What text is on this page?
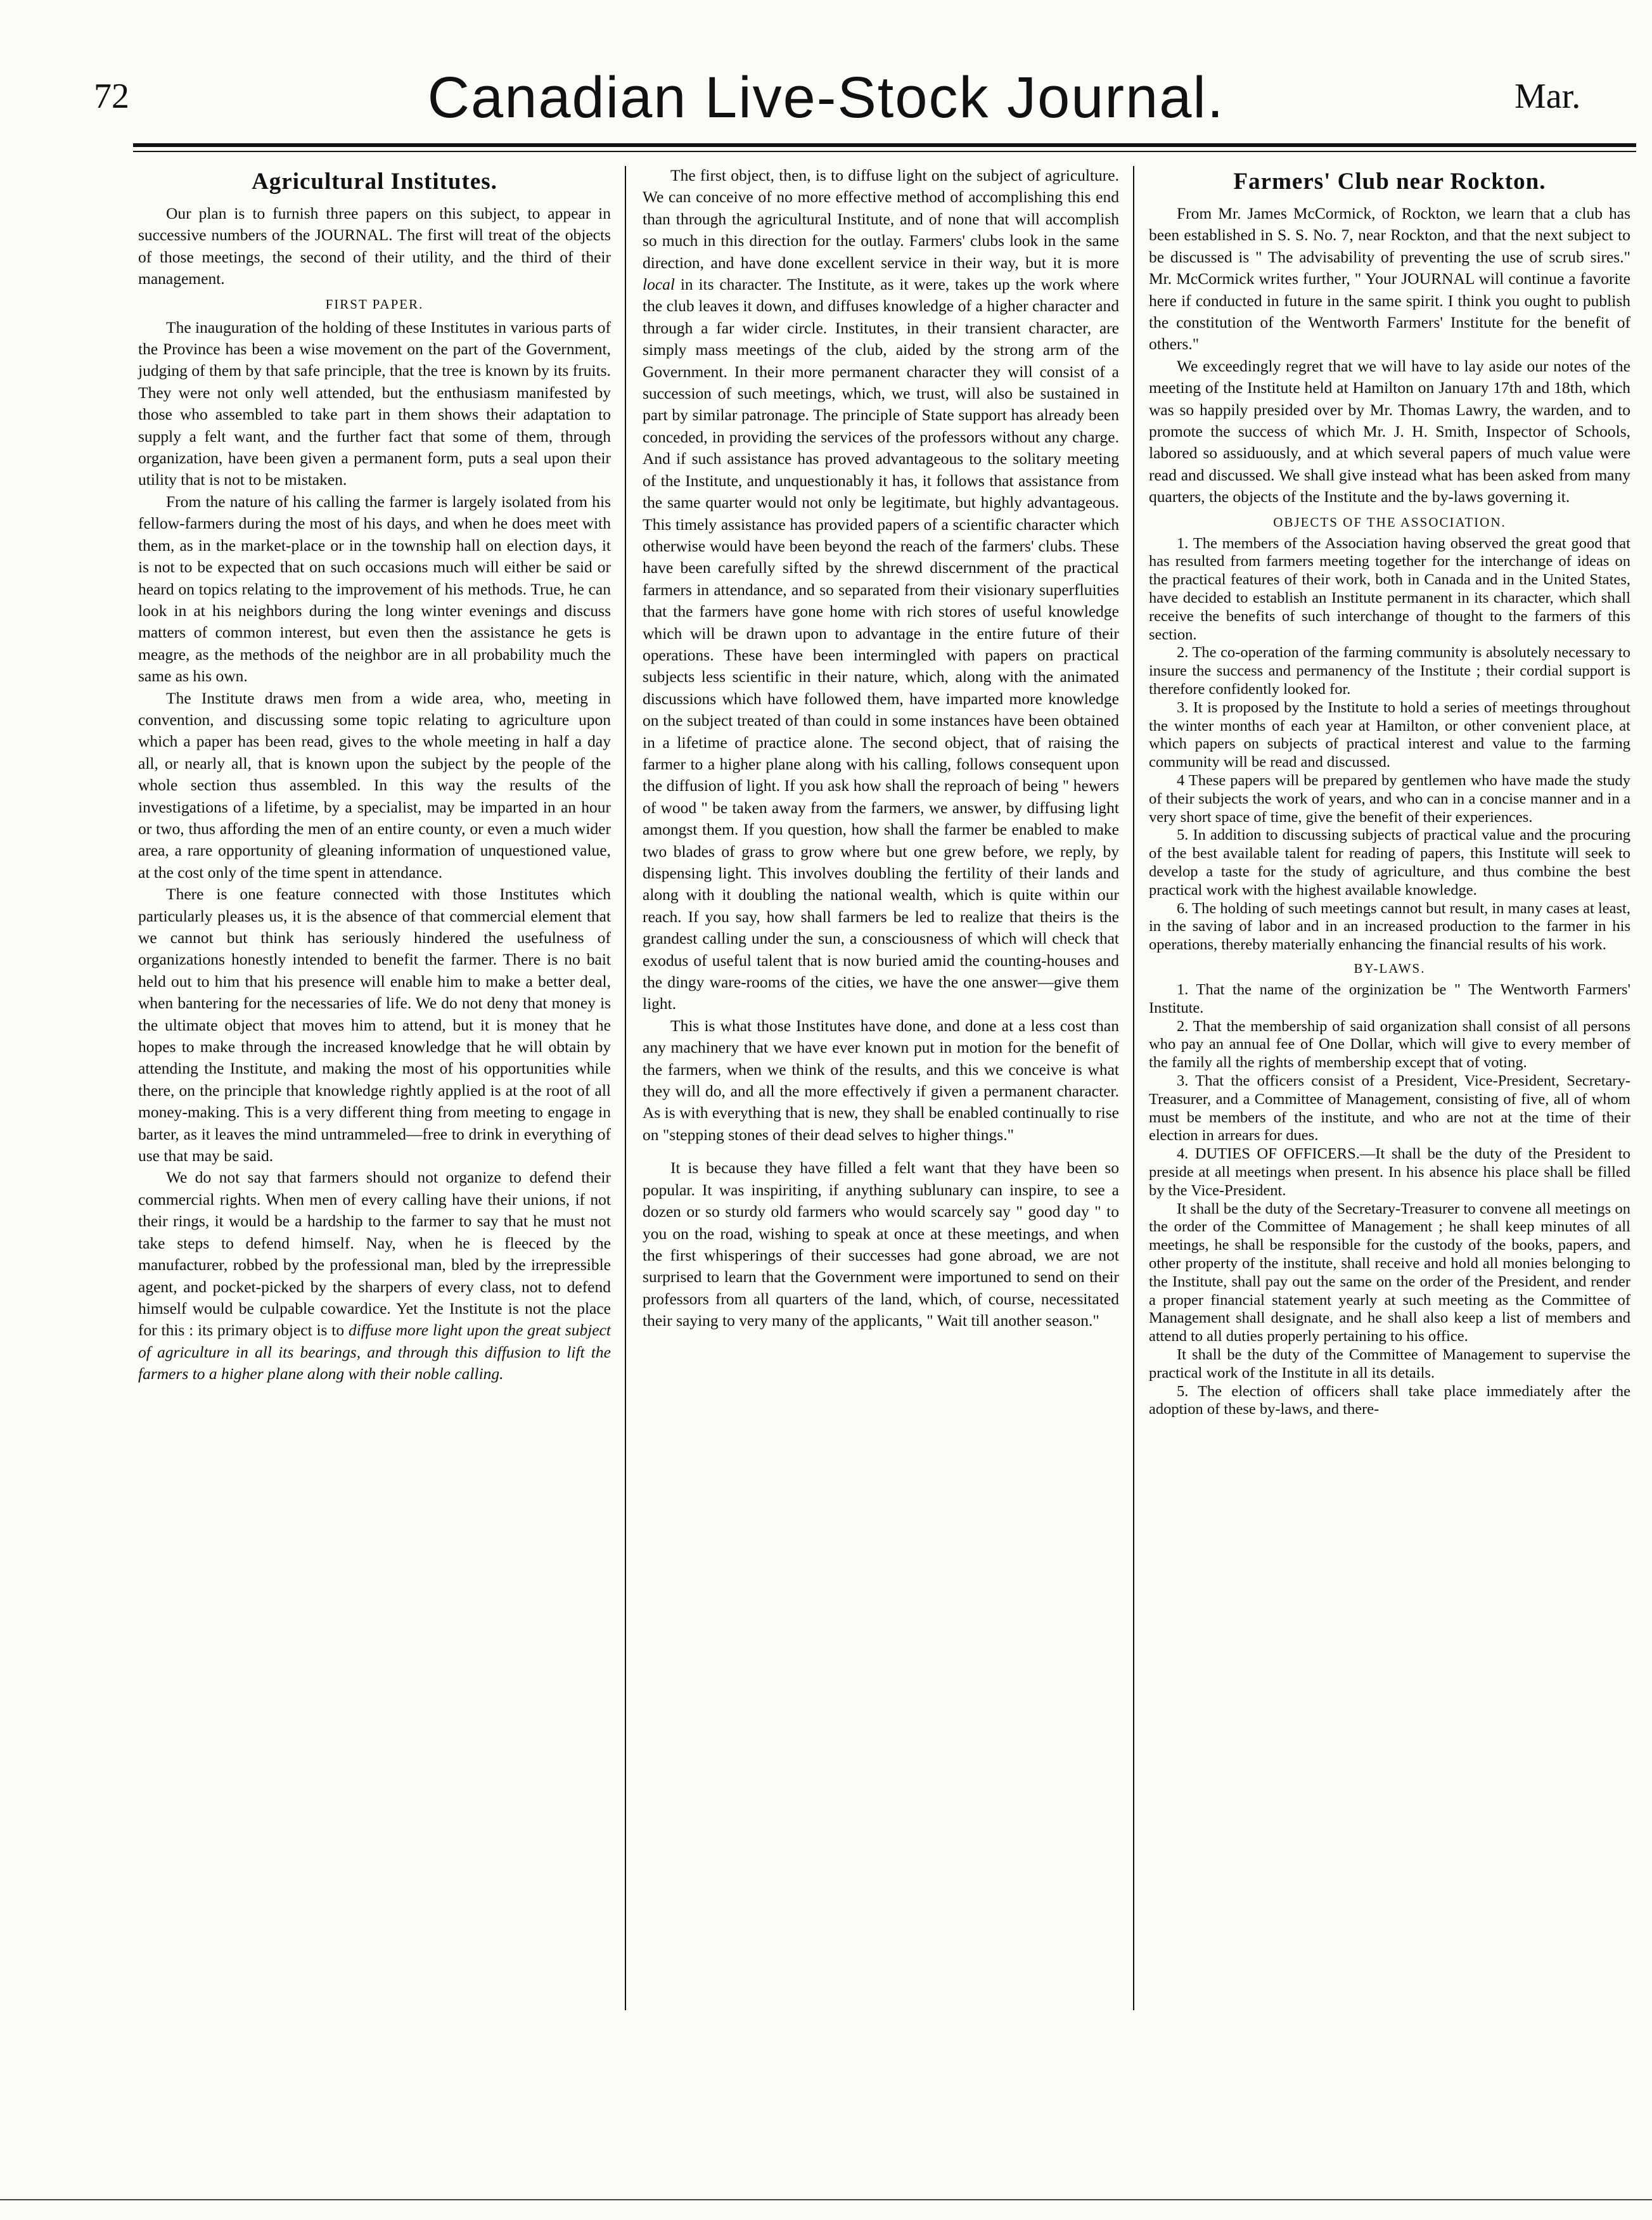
72	Canadian Live-Stock Journal.	Mar.
Agricultural Institutes.

Our plan is to furnish three papers on this subject, to appear in successive numbers of the JOURNAL. The first will treat of the objects of those meetings, the second of their utility, and the third of their management.

FIRST PAPER.

The inauguration of the holding of these Institutes in various parts of the Province has been a wise movement on the part of the Government, judging of them by that safe principle, that the tree is known by its fruits. They were not only well attended, but the enthusiasm manifested by those who assembled to take part in them shows their adaptation to supply a felt want, and the further fact that some of them, through organization, have been given a permanent form, puts a seal upon their utility that is not to be mistaken.

From the nature of his calling the farmer is largely isolated from his fellow-farmers during the most of his days, and when he does meet with them, as in the market-place or in the township hall on election days, it is not to be expected that on such occasions much will either be said or heard on topics relating to the improvement of his methods. True, he can look in at his neighbors during the long winter evenings and discuss matters of common interest, but even then the assistance he gets is meagre, as the methods of the neighbor are in all probability much the same as his own.

The Institute draws men from a wide area, who, meeting in convention, and discussing some topic relating to agriculture upon which a paper has been read, gives to the whole meeting in half a day all, or nearly all, that is known upon the subject by the people of the whole section thus assembled. In this way the results of the investigations of a lifetime, by a specialist, may be imparted in an hour or two, thus affording the men of an entire county, or even a much wider area, a rare opportunity of gleaning information of unquestioned value, at the cost only of the time spent in attendance.

There is one feature connected with those Institutes which particularly pleases us, it is the absence of that commercial element that we cannot but think has seriously hindered the usefulness of organizations honestly intended to benefit the farmer. There is no bait held out to him that his presence will enable him to make a better deal, when bantering for the necessaries of life. We do not deny that money is the ultimate object that moves him to attend, but it is money that he hopes to make through the increased knowledge that he will obtain by attending the Institute, and making the most of his opportunities while there, on the principle that knowledge rightly applied is at the root of all money-making. This is a very different thing from meeting to engage in barter, as it leaves the mind untrammeled—free to drink in everything of use that may be said.

We do not say that farmers should not organize to defend their commercial rights. When men of every calling have their unions, if not their rings, it would be a hardship to the farmer to say that he must not take steps to defend himself. Nay, when he is fleeced by the manufacturer, robbed by the professional man, bled by the irrepressible agent, and pocket-picked by the sharpers of every class, not to defend himself would be culpable cowardice. Yet the Institute is not the place for this : its primary object is to diffuse more light upon the great subject of agriculture in all its bearings, and through this diffusion to lift the farmers to a higher plane along with their noble calling.

The first object, then, is to diffuse light on the subject of agriculture. We can conceive of no more effective method of accomplishing this end than through the agricultural Institute, and of none that will accomplish so much in this direction for the outlay. Farmers' clubs look in the same direction, and have done excellent service in their way, but it is more local in its character. The Institute, as it were, takes up the work where the club leaves it down, and diffuses knowledge of a higher character and through a far wider circle. Institutes, in their transient character, are simply mass meetings of the club, aided by the strong arm of the Government. In their more permanent character they will consist of a succession of such meetings, which, we trust, will also be sustained in part by similar patronage. The principle of State support has already been conceded, in providing the services of the professors without any charge. And if such assistance has proved advantageous to the solitary meeting of the Institute, and unquestionably it has, it follows that assistance from the same quarter would not only be legitimate, but highly advantageous. This timely assistance has provided papers of a scientific character which otherwise would have been beyond the reach of the farmers' clubs. These have been carefully sifted by the shrewd discernment of the practical farmers in attendance, and so separated from their visionary superfluities that the farmers have gone home with rich stores of useful knowledge which will be drawn upon to advantage in the entire future of their operations. These have been intermingled with papers on practical subjects less scientific in their nature, which, along with the animated discussions which have followed them, have imparted more knowledge on the subject treated of than could in some instances have been obtained in a lifetime of practice alone. The second object, that of raising the farmer to a higher plane along with his calling, follows consequent upon the diffusion of light. If you ask how shall the reproach of being " hewers of wood " be taken away from the farmers, we answer, by diffusing light amongst them. If you question, how shall the farmer be enabled to make two blades of grass to grow where but one grew before, we reply, by dispensing light. This involves doubling the fertility of their lands and along with it doubling the national wealth, which is quite within our reach. If you say, how shall farmers be led to realize that theirs is the grandest calling under the sun, a consciousness of which will check that exodus of useful talent that is now buried amid the counting-houses and the dingy ware-rooms of the cities, we have the one answer—give them light.

This is what those Institutes have done, and done at a less cost than any machinery that we have ever known put in motion for the benefit of the farmers, when we think of the results, and this we conceive is what they will do, and all the more effectively if given a permanent character. As is with everything that is new, they shall be enabled continually to rise on "stepping stones of their dead selves to higher things."

It is because they have filled a felt want that they have been so popular. It was inspiriting, if anything sublunary can inspire, to see a dozen or so sturdy old farmers who would scarcely say " good day " to you on the road, wishing to speak at once at these meetings, and when the first whisperings of their successes had gone abroad, we are not surprised to learn that the Government were importuned to send on their professors from all quarters of the land, which, of course, necessitated their saying to very many of the applicants, " Wait till another season."

Farmers' Club near Rockton.

From Mr. James McCormick, of Rockton, we learn that a club has been established in S. S. No. 7, near Rockton, and that the next subject to be discussed is " The advisability of preventing the use of scrub sires." Mr. McCormick writes further, " Your JOURNAL will continue a favorite here if conducted in future in the same spirit. I think you ought to publish the constitution of the Wentworth Farmers' Institute for the benefit of others."

We exceedingly regret that we will have to lay aside our notes of the meeting of the Institute held at Hamilton on January 17th and 18th, which was so happily presided over by Mr. Thomas Lawry, the warden, and to promote the success of which Mr. J. H. Smith, Inspector of Schools, labored so assiduously, and at which several papers of much value were read and discussed. We shall give instead what has been asked from many quarters, the objects of the Institute and the by-laws governing it.

OBJECTS OF THE ASSOCIATION.

1. The members of the Association having observed the great good that has resulted from farmers meeting together for the interchange of ideas on the practical features of their work, both in Canada and in the United States, have decided to establish an Institute permanent in its character, which shall receive the benefits of such interchange of thought to the farmers of this section.

2. The co-operation of the farming community is absolutely necessary to insure the success and permanency of the Institute ; their cordial support is therefore confidently looked for.

3. It is proposed by the Institute to hold a series of meetings throughout the winter months of each year at Hamilton, or other convenient place, at which papers on subjects of practical interest and value to the farming community will be read and discussed.

4 These papers will be prepared by gentlemen who have made the study of their subjects the work of years, and who can in a concise manner and in a very short space of time, give the benefit of their experiences.

5. In addition to discussing subjects of practical value and the procuring of the best available talent for reading of papers, this Institute will seek to develop a taste for the study of agriculture, and thus combine the best practical work with the highest available knowledge.

6. The holding of such meetings cannot but result, in many cases at least, in the saving of labor and in an increased production to the farmer in his operations, thereby materially enhancing the financial results of his work.

BY-LAWS.

1. That the name of the orginization be " The Wentworth Farmers' Institute.

2. That the membership of said organization shall consist of all persons who pay an annual fee of One Dollar, which will give to every member of the family all the rights of membership except that of voting.

3. That the officers consist of a President, Vice-President, Secretary-Treasurer, and a Committee of Management, consisting of five, all of whom must be members of the institute, and who are not at the time of their election in arrears for dues.

4. DUTIES OF OFFICERS.—It shall be the duty of the President to preside at all meetings when present. In his absence his place shall be filled by the Vice-President.

It shall be the duty of the Secretary-Treasurer to convene all meetings on the order of the Committee of Management ; he shall keep minutes of all meetings, he shall be responsible for the custody of the books, papers, and other property of the institute, shall receive and hold all monies belonging to the Institute, shall pay out the same on the order of the President, and render a proper financial statement yearly at such meeting as the Committee of Management shall designate, and he shall also keep a list of members and attend to all duties properly pertaining to his office.

It shall be the duty of the Committee of Management to supervise the practical work of the Institute in all its details.

5. The election of officers shall take place immediately after the adoption of these by-laws, and there-
